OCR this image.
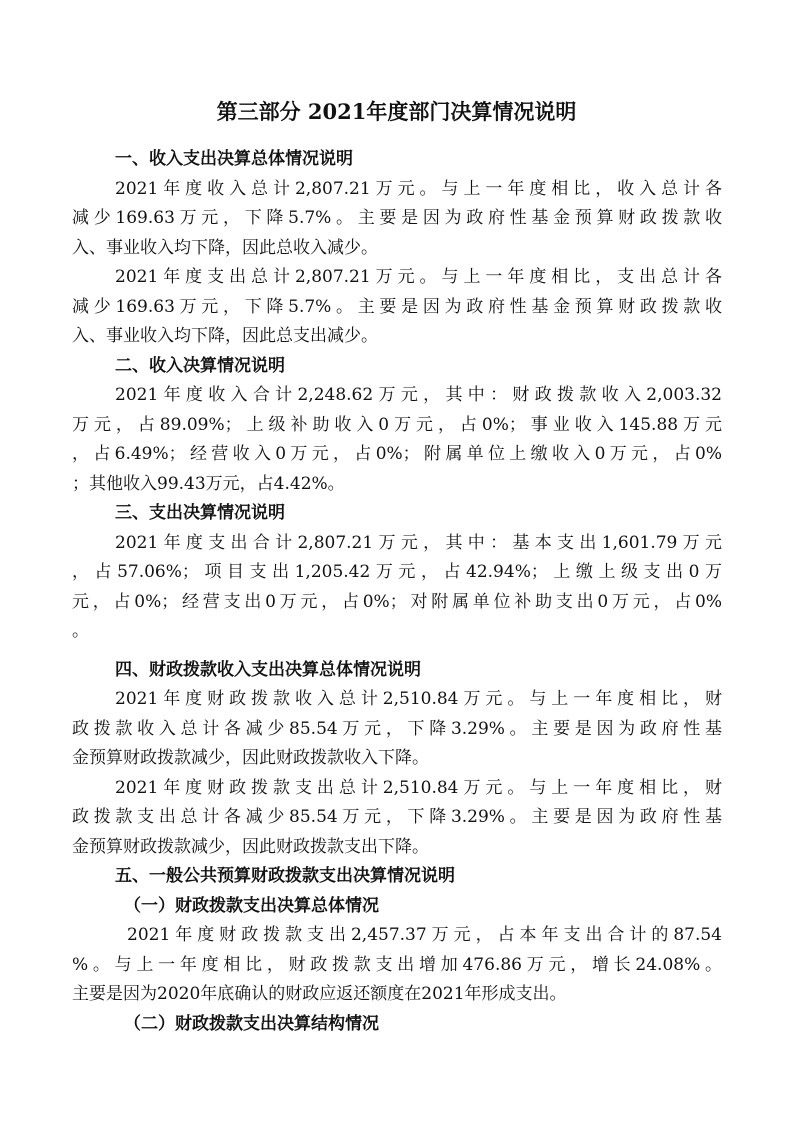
第三部分 2021年度部门决算情况说明
一、收入支出决算总体情况说明
2021年度收入总计2,807.21万元。与上一年度相比，收入总计各
减少169.63万元，下降5.7%。主要是因为政府性基金预算财政拨款收
入、事业收入均下降，因此总收入减少。
2021年度支出总计2,807.21万元。与上一年度相比，支出总计各
减少169.63万元，下降5.7%。主要是因为政府性基金预算财政拨款收
入、事业收入均下降，因此总支出减少。
二、收入决算情况说明
2021年度收入合计2,248.62万元，其中：财政拨款收入2,003.32
万元，占89.09%；上级补助收入0万元，占0%；事业收入145.88万元
，占6.49%；经营收入0万元，占0%；附属单位上缴收入0万元，占0%
；其他收入99.43万元，占4.42%。
三、支出决算情况说明
2021年度支出合计2,807.21万元，其中：基本支出1,601.79万元
，占57.06%；项目支出1,205.42万元，占42.94%；上缴上级支出0万
元，占0%；经营支出0万元，占0%；对附属单位补助支出0万元，占0%
。
四、财政拨款收入支出决算总体情况说明
2021年度财政拨款收入总计2,510.84万元。与上一年度相比，财
政拨款收入总计各减少85.54万元，下降3.29%。主要是因为政府性基
金预算财政拨款减少，因此财政拨款收入下降。
2021年度财政拨款支出总计2,510.84万元。与上一年度相比，财
政拨款支出总计各减少85.54万元，下降3.29%。主要是因为政府性基
金预算财政拨款减少，因此财政拨款支出下降。
五、一般公共预算财政拨款支出决算情况说明
（一）财政拨款支出决算总体情况
2021年度财政拨款支出2,457.37万元，占本年支出合计的87.54
%。与上一年度相比，财政拨款支出增加476.86万元，增长24.08%。
主要是因为2020年底确认的财政应返还额度在2021年形成支出。
（二）财政拨款支出决算结构情况
